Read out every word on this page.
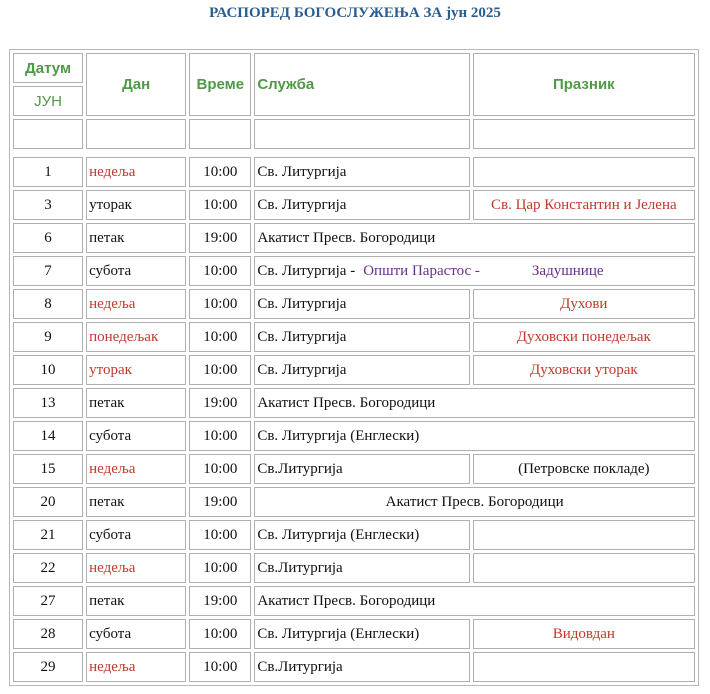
РАСПОРЕД БОГОСЛУЖЕЊА ЗА јун 2025
Датум	Дан	Време	Служба	Празник
ЈУН				

1	недеља	10:00	Св. Литургија	
3	уторак	10:00	Св. Литургија	Св. Цар Константин и Јелена
6	петак	19:00	Акатист Пресв. Богородици	
7	субота	10:00	Св. Литургија - Општи Парастос - Задушнице	
8	недеља	10:00	Св. Литургија	Духови
9	понедељак	10:00	Св. Литургија	Духовски понедељак
10	уторак	10:00	Св. Литургија	Духовски уторак
13	петак	19:00	Акатист Пресв. Богородици	
14	субота	10:00	Св. Литургија (Енглески)	
15	недеља	10:00	Св.Литургија	(Петровске покладе)
20	петак	19:00	Акатист Пресв. Богородици	
21	субота	10:00	Св. Литургија (Енглески)	
22	недеља	10:00	Св.Литургија	
27	петак	19:00	Акатист Пресв. Богородици	
28	субота	10:00	Св. Литургија (Енглески)	Видовдан
29	недеља	10:00	Св.Литургија	
